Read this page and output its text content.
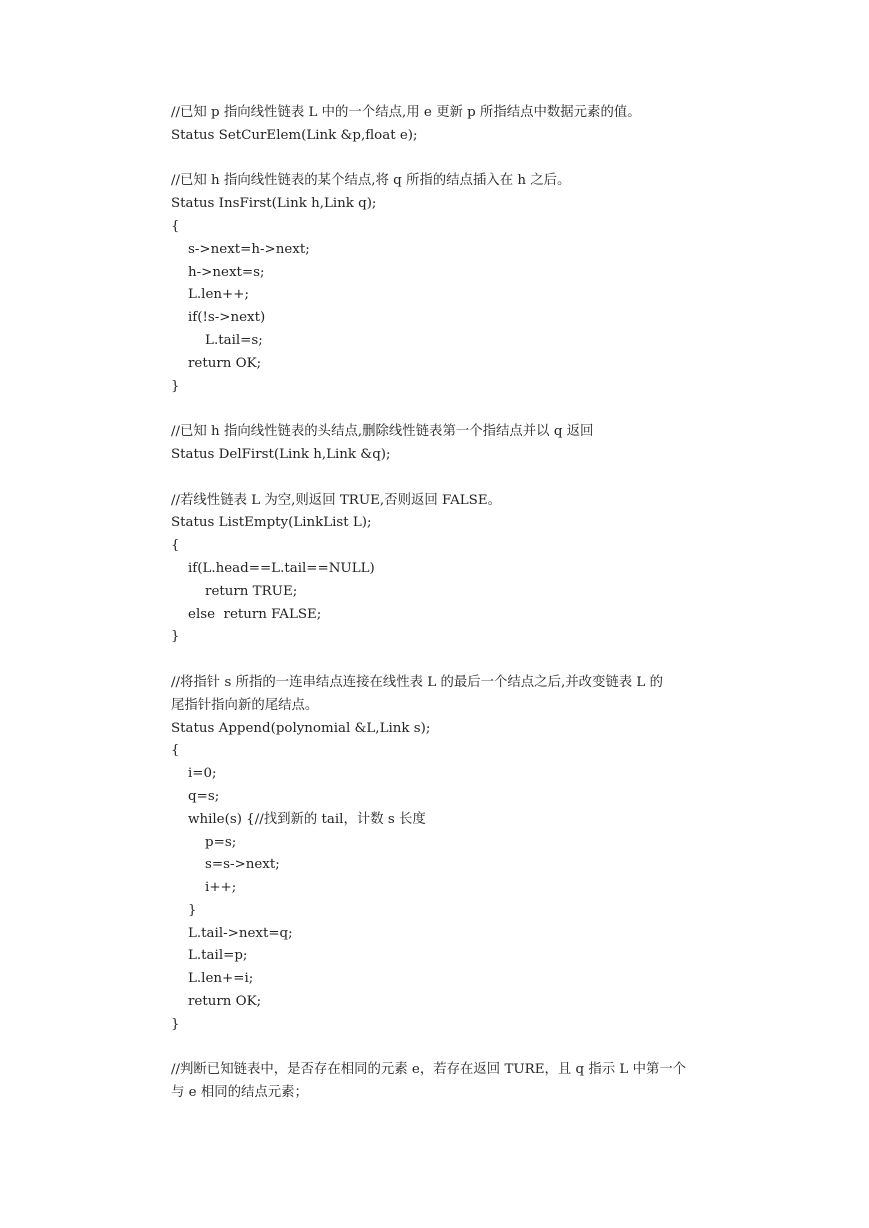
//已知 p 指向线性链表 L 中的一个结点,用 e 更新 p 所指结点中数据元素的值。
Status SetCurElem(Link &p,float e);
//已知 h 指向线性链表的某个结点,将 q 所指的结点插入在 h 之后。
Status InsFirst(Link h,Link q);
{
s->next=h->next;
h->next=s;
L.len++;
if(!s->next)
L.tail=s;
return OK;
}
//已知 h 指向线性链表的头结点,删除线性链表第一个指结点并以 q 返回
Status DelFirst(Link h,Link &q);
//若线性链表 L 为空,则返回 TRUE,否则返回 FALSE。
Status ListEmpty(LinkList L);
{
if(L.head==L.tail==NULL)
return TRUE;
else  return FALSE;
}
//将指针 s 所指的一连串结点连接在线性表 L 的最后一个结点之后,并改变链表 L 的
尾指针指向新的尾结点。
Status Append(polynomial &L,Link s);
{
i=0;
q=s;
while(s) {//找到新的 tail，计数 s 长度
p=s;
s=s->next;
i++;
}
L.tail->next=q;
L.tail=p;
L.len+=i;
return OK;
}
//判断已知链表中，是否存在相同的元素 e，若存在返回 TURE，且 q 指示 L 中第一个
与 e 相同的结点元素；
